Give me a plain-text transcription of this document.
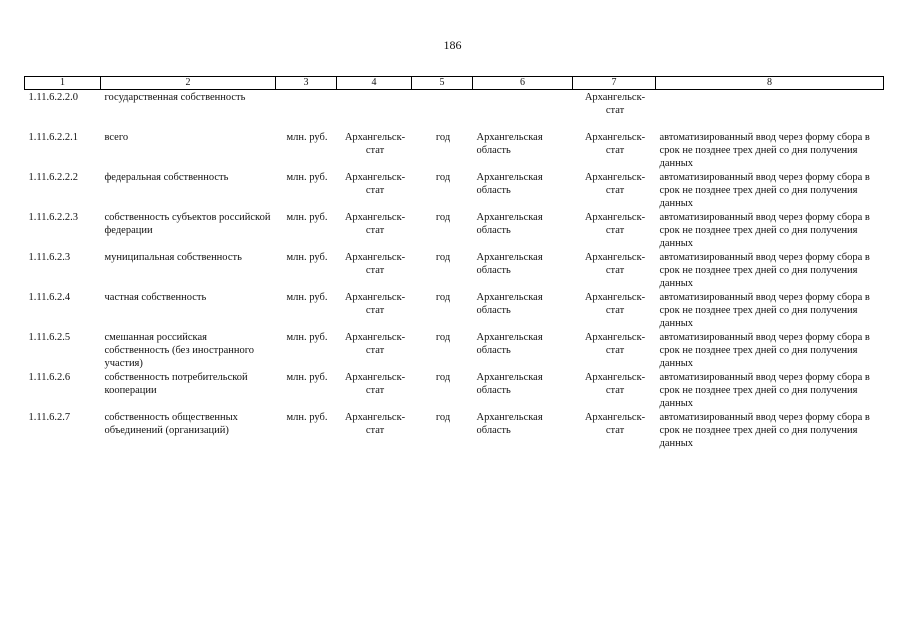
186
1	2	3	4	5	6	7	8
1.11.6.2.2.0	государственная собственность					Архангельск-стат	
1.11.6.2.2.1	всего	млн. руб.	Архангельск-стат	год	Архангельская область	Архангельск-стат	автоматизированный ввод через форму сбора в срок не позднее трех дней со дня получения данных
1.11.6.2.2.2	федеральная собственность	млн. руб.	Архангельск-стат	год	Архангельская область	Архангельск-стат	автоматизированный ввод через форму сбора в срок не позднее трех дней со дня получения данных
1.11.6.2.2.3	собственность субъектов российской федерации	млн. руб.	Архангельск-стат	год	Архангельская область	Архангельск-стат	автоматизированный ввод через форму сбора в срок не позднее трех дней со дня получения данных
1.11.6.2.3	муниципальная собственность	млн. руб.	Архангельск-стат	год	Архангельская область	Архангельск-стат	автоматизированный ввод через форму сбора в срок не позднее трех дней со дня получения данных
1.11.6.2.4	частная собственность	млн. руб.	Архангельск-стат	год	Архангельская область	Архангельск-стат	автоматизированный ввод через форму сбора в срок не позднее трех дней со дня получения данных
1.11.6.2.5	смешанная российская собственность (без иностранного участия)	млн. руб.	Архангельск-стат	год	Архангельская область	Архангельск-стат	автоматизированный ввод через форму сбора в срок не позднее трех дней со дня получения данных
1.11.6.2.6	собственность потребительской кооперации	млн. руб.	Архангельск-стат	год	Архангельская область	Архангельск-стат	автоматизированный ввод через форму сбора в срок не позднее трех дней со дня получения данных
1.11.6.2.7	собственность общественных объединений (организаций)	млн. руб.	Архангельск-стат	год	Архангельская область	Архангельск-стат	автоматизированный ввод через форму сбора в срок не позднее трех дней со дня получения данных
